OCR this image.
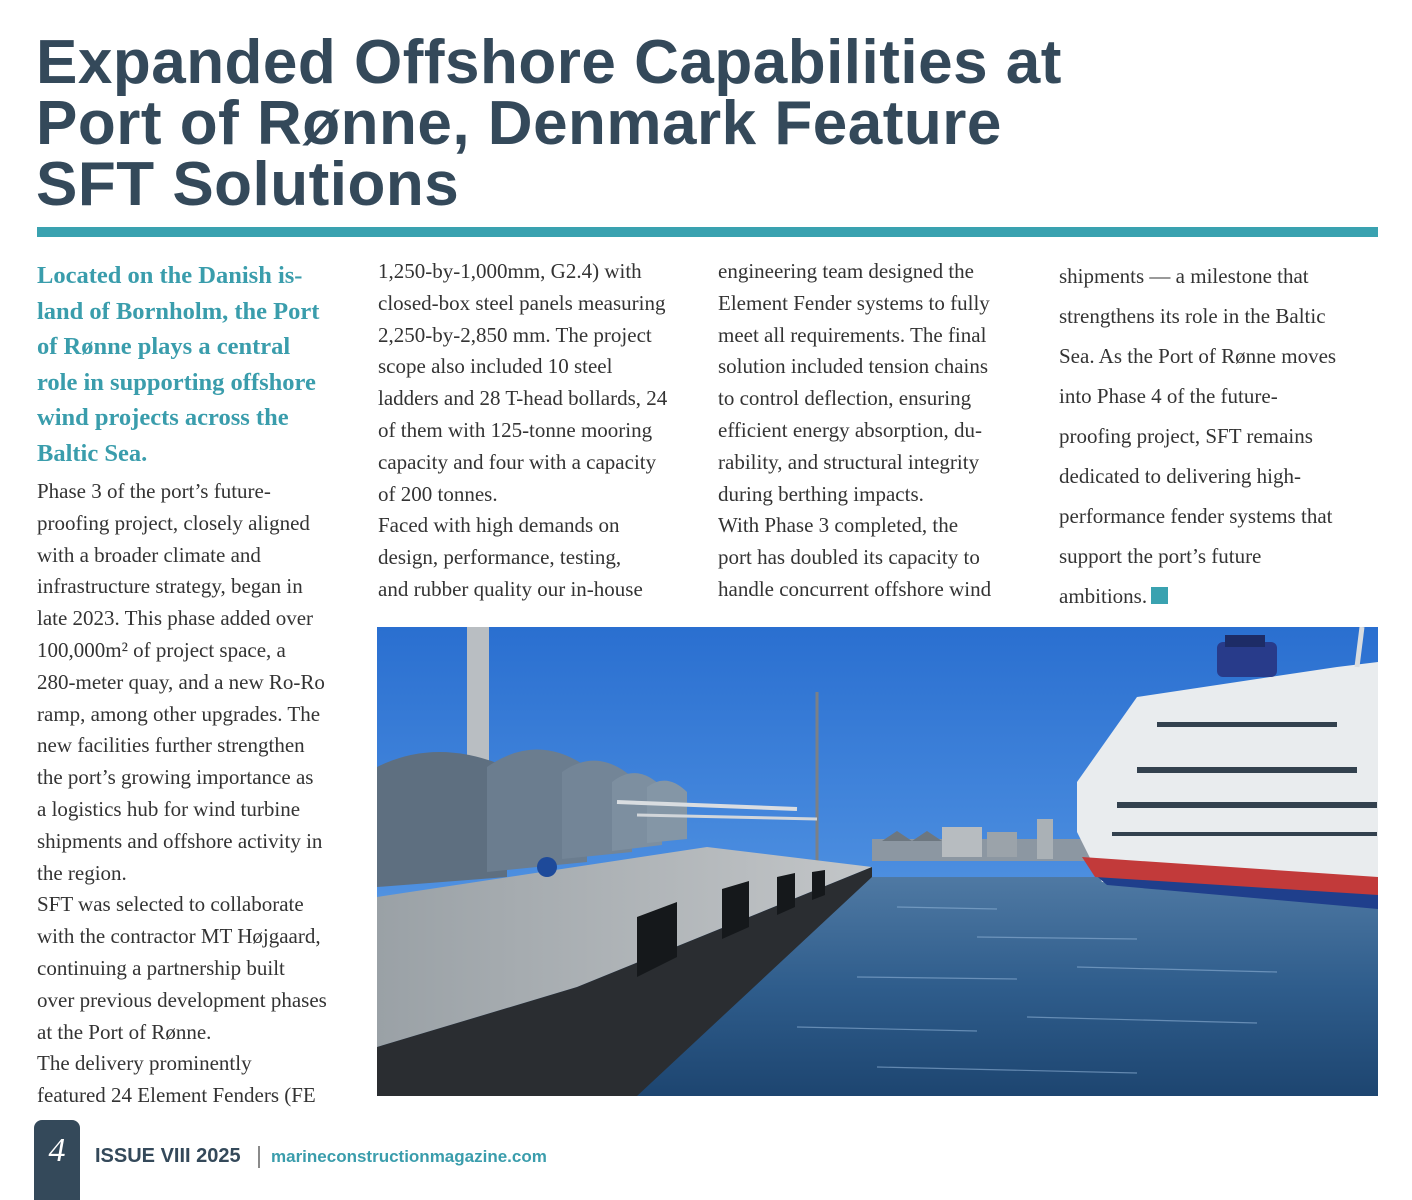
Expanded Offshore Capabilities at
Port of Rønne, Denmark Feature
SFT Solutions
Located on the Danish is-
land of Bornholm, the Port
of Rønne plays a central
role in supporting offshore
wind projects across the
Baltic Sea.
Phase 3 of the port’s future-
proofing project, closely aligned
with a broader climate and
infrastructure strategy, began in
late 2023. This phase added over
100,000m² of project space, a
280-meter quay, and a new Ro-Ro
ramp, among other upgrades. The
new facilities further strengthen
the port’s growing importance as
a logistics hub for wind turbine
shipments and offshore activity in
the region.
SFT was selected to collaborate
with the contractor MT Højgaard,
continuing a partnership built
over previous development phases
at the Port of Rønne.
The delivery prominently
featured 24 Element Fenders (FE
1,250-by-1,000mm, G2.4) with
closed-box steel panels measuring
2,250-by-2,850 mm. The project
scope also included 10 steel
ladders and 28 T-head bollards, 24
of them with 125-tonne mooring
capacity and four with a capacity
of 200 tonnes.
Faced with high demands on
design, performance, testing,
and rubber quality our in-house
engineering team designed the
Element Fender systems to fully
meet all requirements. The final
solution included tension chains
to control deflection, ensuring
efficient energy absorption, du-
rability, and structural integrity
during berthing impacts.
With Phase 3 completed, the
port has doubled its capacity to
handle concurrent offshore wind
shipments — a milestone that
strengthens its role in the Baltic
Sea. As the Port of Rønne moves
into Phase 4 of the future-
proofing project, SFT remains
dedicated to delivering high-
performance fender systems that
support the port’s future
ambitions.
4	ISSUE VIII 2025 marineconstructionmagazine.com
